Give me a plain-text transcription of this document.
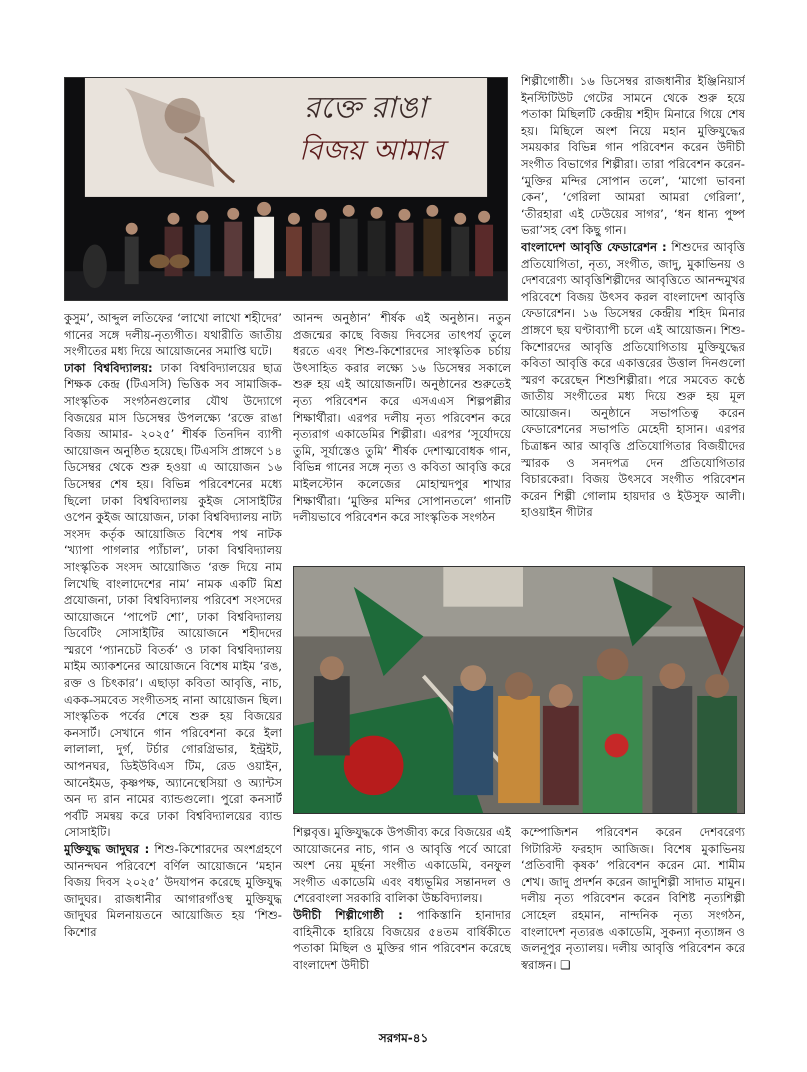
রক্তে রাঙা
বিজয় আমার

কুসুম’, আব্দুল লতিফের ‘লাখো লাখো শহীদের’ গানের সঙ্গে দলীয়-নৃত্যগীত। যথারীতি জাতীয় সংগীতের মধ্য দিয়ে আয়োজনের সমাপ্তি ঘটে।

ঢাকা বিশ্ববিদ্যালয়: ঢাকা বিশ্ববিদ্যালয়ের ছাত্র শিক্ষক কেন্দ্র (টিএসসি) ভিত্তিক সব সামাজিক-সাংস্কৃতিক সংগঠনগুলোর যৌথ উদ্যোগে বিজয়ের মাস ডিসেম্বর উপলক্ষ্যে ‘রক্তে রাঙা বিজয় আমার- ২০২৫’ শীর্ষক তিনদিন ব্যাপী আয়োজন অনুষ্ঠিত হয়েছে। টিএসসি প্রাঙ্গণে ১৪ ডিসেম্বর থেকে শুরু হওয়া এ আয়োজন ১৬ ডিসেম্বর শেষ হয়। বিভিন্ন পরিবেশনের মধ্যে ছিলো ঢাকা বিশ্ববিদ্যালয় কুইজ সোসাইটির ওপেন কুইজ আয়োজন, ঢাকা বিশ্ববিদ্যালয় নাট্য সংসদ কর্তৃক আয়োজিত বিশেষ পথ নাটক ‘খ্যাপা পাগলার প্যাঁচাল’, ঢাকা বিশ্ববিদ্যালয় সাংস্কৃতিক সংসদ আয়োজিত ‘রক্ত দিয়ে নাম লিখেছি বাংলাদেশের নাম’ নামক একটি মিশ্র প্রযোজনা, ঢাকা বিশ্ববিদ্যালয় পরিবেশ সংসদের আয়োজনে ‘পাপেট শো’, ঢাকা বিশ্ববিদ্যালয় ডিবেটিং সোসাইটির আয়োজনে শহীদদের স্মরণে ‘প্যানচেট বিতর্ক’ ও ঢাকা বিশ্ববিদ্যালয় মাইম অ্যাকশনের আয়োজনে বিশেষ মাইম ‘রঙ, রক্ত ও চিৎকার’। এছাড়া কবিতা আবৃত্তি, নাচ, একক-সমবেত সংগীতসহ নানা আয়োজন ছিল। সাংস্কৃতিক পর্বের শেষে শুরু হয় বিজয়ের কনসার্ট। সেখানে গান পরিবেশনা করে ইলা লালালা, দুর্গ, টর্চার গোরগ্রিভার, ইন্ট্রইট, আপনঘর, ডিইউবিএস টিম, রেড ওয়াইন, আনেইমড, কৃষ্ণপক্ষ, অ্যানেস্থেসিয়া ও অ্যান্টস অন দ্য রান নামের ব্যান্ডগুলো। পুরো কনসার্ট পর্বটি সমন্বয় করে ঢাকা বিশ্ববিদ্যালয়ের ব্যান্ড সোসাইটি।

মুক্তিযুদ্ধ জাদুঘর : শিশু-কিশোরদের অংশগ্রহণে আনন্দঘন পরিবেশে বর্ণিল আয়োজনে ‘মহান বিজয় দিবস ২০২৫’ উদযাপন করেছে মুক্তিযুদ্ধ জাদুঘর। রাজধানীর আগারগাঁওস্থ মুক্তিযুদ্ধ জাদুঘর মিলনায়তনে আয়োজিত হয় ‘শিশু-কিশোর

আনন্দ অনুষ্ঠান’ শীর্ষক এই অনুষ্ঠান। নতুন প্রজন্মের কাছে বিজয় দিবসের তাৎপর্য তুলে ধরতে এবং শিশু-কিশোরদের সাংস্কৃতিক চর্চায় উৎসাহিত করার লক্ষ্যে ১৬ ডিসেম্বর সকালে শুরু হয় এই আয়োজনটি। অনুষ্ঠানের শুরুতেই নৃত্য পরিবেশন করে এসএএস শিল্পপল্লীর শিক্ষার্থীরা। এরপর দলীয় নৃত্য পরিবেশন করে নৃত্যরাগ একাডেমির শিল্পীরা। এরপর ‘সূর্যোদয়ে তুমি, সূর্যাস্তেও তুমি’ শীর্ষক দেশাত্মবোধক গান, বিভিন্ন গানের সঙ্গে নৃত্য ও কবিতা আবৃত্তি করে মাইলস্টোন কলেজের মোহাম্মদপুর শাখার শিক্ষার্থীরা। ‘মুক্তির মন্দির সোপানতলে’ গানটি দলীয়ভাবে পরিবেশন করে সাংস্কৃতিক সংগঠন

শিল্পীগোষ্ঠী। ১৬ ডিসেম্বর রাজধানীর ইঞ্জিনিয়ার্স ইনস্টিটিউট গেটের সামনে থেকে শুরু হয়ে পতাকা মিছিলটি কেন্দ্রীয় শহীদ মিনারে গিয়ে শেষ হয়। মিছিলে অংশ নিয়ে মহান মুক্তিযুদ্ধের সময়কার বিভিন্ন গান পরিবেশন করেন উদীচী সংগীত বিভাগের শিল্পীরা। তারা পরিবেশন করেন- ‘মুক্তির মন্দির সোপান তলে’, ‘মাগো ভাবনা কেন’, ‘গেরিলা আমরা আমরা গেরিলা’, ‘তীরহারা এই ঢেউয়ের সাগর’, ‘ধন ধান্য পুষ্প ভরা’সহ বেশ কিছু গান।

বাংলাদেশ আবৃত্তি ফেডারেশন : শিশুদের আবৃত্তি প্রতিযোগিতা, নৃত্য, সংগীত, জাদু, মুকাভিনয় ও দেশবরেণ্য আবৃত্তিশিল্পীদের আবৃত্তিতে আনন্দমুখর পরিবেশে বিজয় উৎসব করল বাংলাদেশ আবৃত্তি ফেডারেশন। ১৬ ডিসেম্বর কেন্দ্রীয় শহিদ মিনার প্রাঙ্গণে ছয় ঘণ্টাব্যাপী চলে এই আয়োজন। শিশু-কিশোরদের আবৃত্তি প্রতিযোগিতায় মুক্তিযুদ্ধের কবিতা আবৃত্তি করে একাত্তরের উত্তাল দিনগুলো স্মরণ করেছেন শিশুশিল্পীরা। পরে সমবেত কণ্ঠে জাতীয় সংগীতের মধ্য দিয়ে শুরু হয় মূল আয়োজন। অনুষ্ঠানে সভাপতিত্ব করেন ফেডারেশনের সভাপতি মেহেদী হাসান। এরপর চিত্রাঙ্কন আর আবৃত্তি প্রতিযোগিতার বিজয়ীদের স্মারক ও সনদপত্র দেন প্রতিযোগিতার বিচারকেরা। বিজয় উৎসবে সংগীত পরিবেশন করেন শিল্পী গোলাম হায়দার ও ইউসুফ আলী। হাওয়াইন গীটার

শিল্পবৃত্ত। মুক্তিযুদ্ধকে উপজীব্য করে বিজয়ের এই আয়োজনের নাচ, গান ও আবৃত্তি পর্বে আরো অংশ নেয় মূর্ছনা সংগীত একাডেমি, বনফুল সংগীত একাডেমি এবং বধ্যভূমির সন্তানদল ও শেরেবাংলা সরকারি বালিকা উচ্চবিদ্যালয়।

উদীচী শিল্পীগোষ্ঠী : পাকিস্তানি হানাদার বাহিনীকে হারিয়ে বিজয়ের ৫৪তম বার্ষিকীতে পতাকা মিছিল ও মুক্তির গান পরিবেশন করেছে বাংলাদেশ উদীচী

কম্পোজিশন পরিবেশন করেন দেশবরেণ্য গিটারিস্ট ফরহাদ আজিজ। বিশেষ মুকাভিনয় ‘প্রতিবাদী কৃষক’ পরিবেশন করেন মো. শামীম শেখ। জাদু প্রদর্শন করেন জাদুশিল্পী সাদাত মামুন। দলীয় নৃত্য পরিবেশন করেন বিশিষ্ট নৃত্যশিল্পী সোহেল রহমান, নান্দনিক নৃত্য সংগঠন, বাংলাদেশ নৃত্যরঙ একাডেমি, সুকন্যা নৃত্যাঙ্গন ও জলনূপুর নৃত্যালয়। দলীয় আবৃত্তি পরিবেশন করে স্বরাঙ্গন। ❑

সরগম-৪১
